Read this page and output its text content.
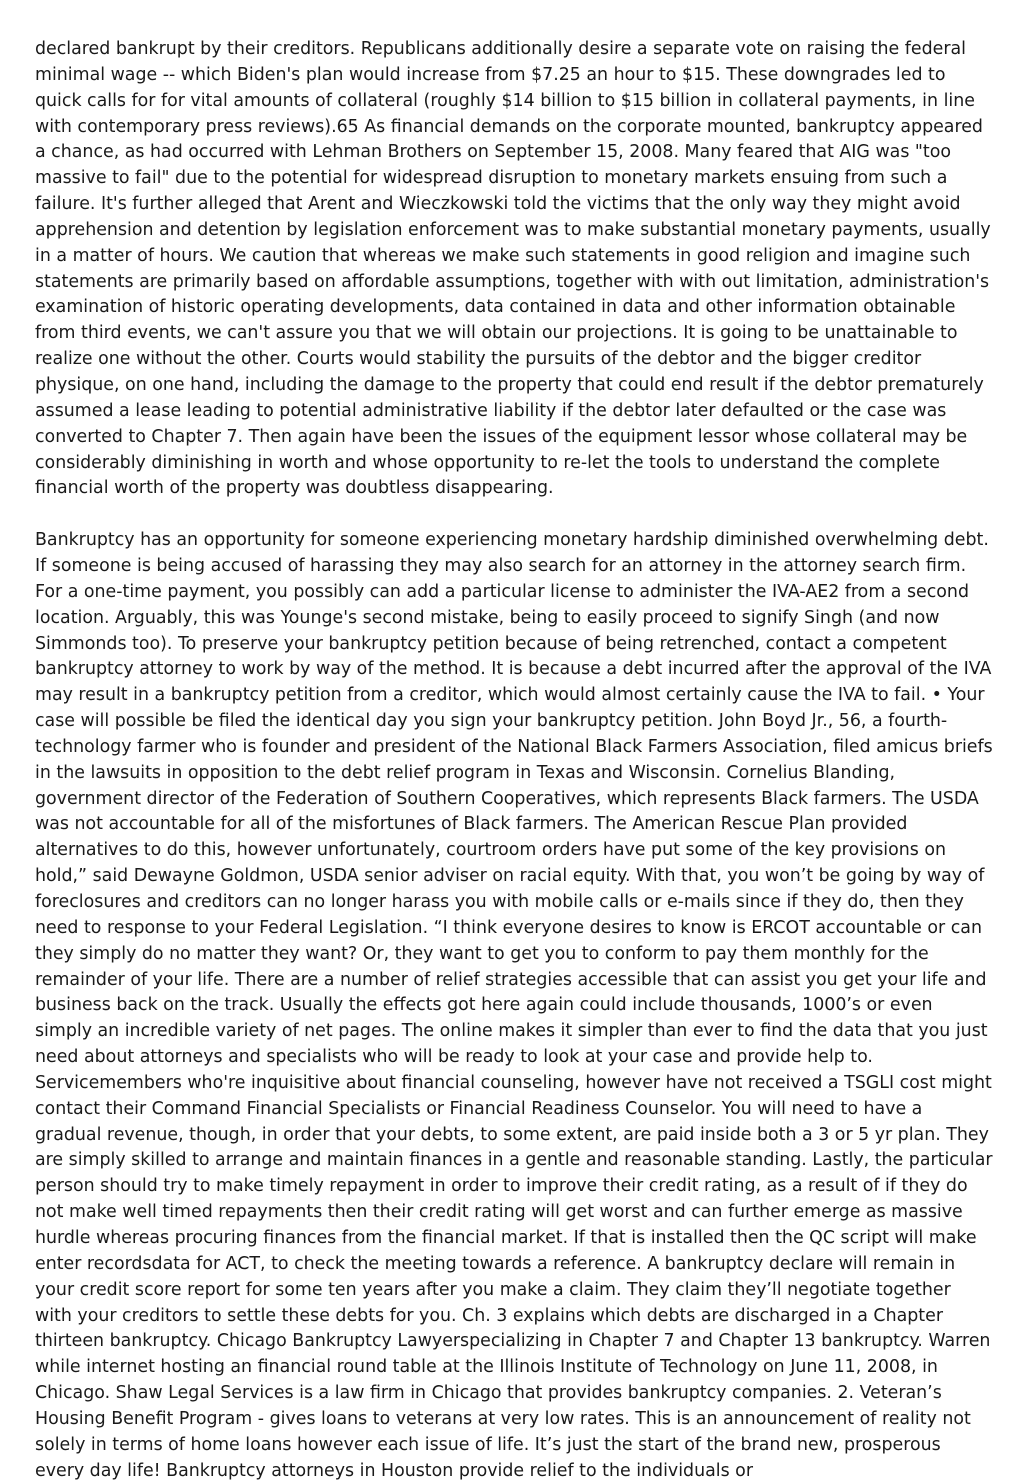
declared bankrupt by their creditors. Republicans additionally desire a separate vote on raising the federal minimal wage -- which Biden's plan would increase from $7.25 an hour to $15. These downgrades led to quick calls for for vital amounts of collateral (roughly $14 billion to $15 billion in collateral payments, in line with contemporary press reviews).65 As financial demands on the corporate mounted, bankruptcy appeared a chance, as had occurred with Lehman Brothers on September 15, 2008. Many feared that AIG was "too massive to fail" due to the potential for widespread disruption to monetary markets ensuing from such a failure. It's further alleged that Arent and Wieczkowski told the victims that the only way they might avoid apprehension and detention by legislation enforcement was to make substantial monetary payments, usually in a matter of hours. We caution that whereas we make such statements in good religion and imagine such statements are primarily based on affordable assumptions, together with with out limitation, administration's examination of historic operating developments, data contained in data and other information obtainable from third events, we can't assure you that we will obtain our projections. It is going to be unattainable to realize one without the other. Courts would stability the pursuits of the debtor and the bigger creditor physique, on one hand, including the damage to the property that could end result if the debtor prematurely assumed a lease leading to potential administrative liability if the debtor later defaulted or the case was converted to Chapter 7. Then again have been the issues of the equipment lessor whose collateral may be considerably diminishing in worth and whose opportunity to re-let the tools to understand the complete financial worth of the property was doubtless disappearing.

Bankruptcy has an opportunity for someone experiencing monetary hardship diminished overwhelming debt. If someone is being accused of harassing they may also search for an attorney in the attorney search firm. For a one-time payment, you possibly can add a particular license to administer the IVA-AE2 from a second location. Arguably, this was Younge's second mistake, being to easily proceed to signify Singh (and now Simmonds too). To preserve your bankruptcy petition because of being retrenched, contact a competent bankruptcy attorney to work by way of the method. It is because a debt incurred after the approval of the IVA may result in a bankruptcy petition from a creditor, which would almost certainly cause the IVA to fail. • Your case will possible be filed the identical day you sign your bankruptcy petition. John Boyd Jr., 56, a fourth-technology farmer who is founder and president of the National Black Farmers Association, filed amicus briefs in the lawsuits in opposition to the debt relief program in Texas and Wisconsin. Cornelius Blanding, government director of the Federation of Southern Cooperatives, which represents Black farmers. The USDA was not accountable for all of the misfortunes of Black farmers. The American Rescue Plan provided alternatives to do this, however unfortunately, courtroom orders have put some of the key provisions on hold,” said Dewayne Goldmon, USDA senior adviser on racial equity. With that, you won’t be going by way of foreclosures and creditors can no longer harass you with mobile calls or e-mails since if they do, then they need to response to your Federal Legislation. “I think everyone desires to know is ERCOT accountable or can they simply do no matter they want? Or, they want to get you to conform to pay them monthly for the remainder of your life. There are a number of relief strategies accessible that can assist you get your life and business back on the track. Usually the effects got here again could include thousands, 1000’s or even simply an incredible variety of net pages. The online makes it simpler than ever to find the data that you just need about attorneys and specialists who will be ready to look at your case and provide help to. Servicemembers who're inquisitive about financial counseling, however have not received a TSGLI cost might contact their Command Financial Specialists or Financial Readiness Counselor. You will need to have a gradual revenue, though, in order that your debts, to some extent, are paid inside both a 3 or 5 yr plan. They are simply skilled to arrange and maintain finances in a gentle and reasonable standing. Lastly, the particular person should try to make timely repayment in order to improve their credit rating, as a result of if they do not make well timed repayments then their credit rating will get worst and can further emerge as massive hurdle whereas procuring finances from the financial market. If that is installed then the QC script will make enter recordsdata for ACT, to check the meeting towards a reference. A bankruptcy declare will remain in your credit score report for some ten years after you make a claim. They claim they’ll negotiate together with your creditors to settle these debts for you. Ch. 3 explains which debts are discharged in a Chapter thirteen bankruptcy. Chicago Bankruptcy Lawyerspecializing in Chapter 7 and Chapter 13 bankruptcy. Warren while internet hosting an financial round table at the Illinois Institute of Technology on June 11, 2008, in Chicago. Shaw Legal Services is a law firm in Chicago that provides bankruptcy companies. 2. Veteran’s Housing Benefit Program - gives loans to veterans at very low rates. This is an announcement of reality not solely in terms of home loans however each issue of life. It’s just the start of the brand new, prosperous every day life! Bankruptcy attorneys in Houston provide relief to the individuals or
